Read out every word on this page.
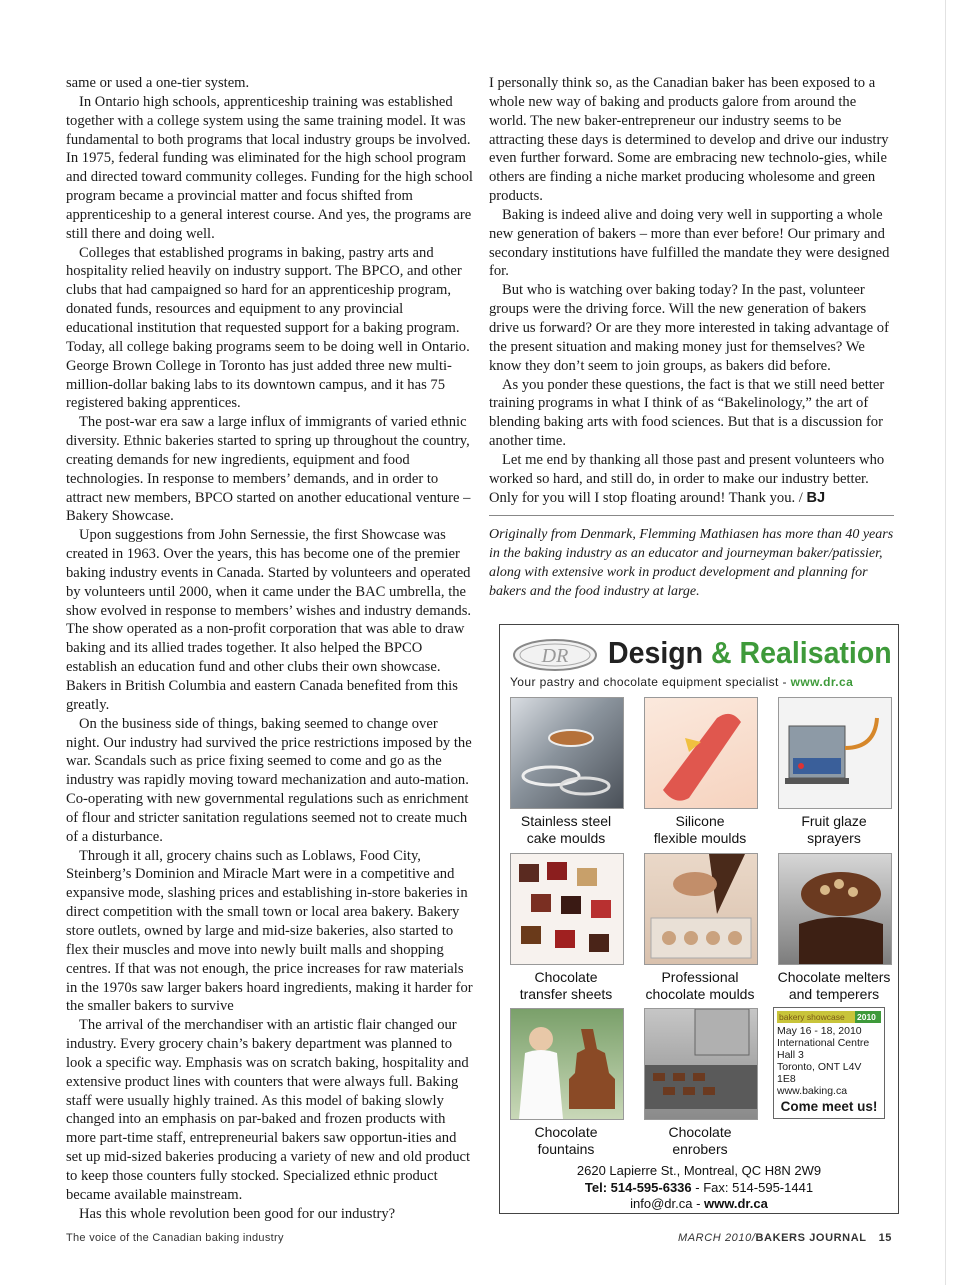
same or used a one-tier system.

In Ontario high schools, apprenticeship training was established together with a college system using the same training model. It was fundamental to both programs that local industry groups be involved. In 1975, federal funding was eliminated for the high school program and directed toward community colleges. Funding for the high school program became a provincial matter and focus shifted from apprenticeship to a general interest course. And yes, the programs are still there and doing well.

Colleges that established programs in baking, pastry arts and hospitality relied heavily on industry support. The BPCO, and other clubs that had campaigned so hard for an apprenticeship program, donated funds, resources and equipment to any provincial educational institution that requested support for a baking program. Today, all college baking programs seem to be doing well in Ontario. George Brown College in Toronto has just added three new multi-million-dollar baking labs to its downtown campus, and it has 75 registered baking apprentices.

The post-war era saw a large influx of immigrants of varied ethnic diversity. Ethnic bakeries started to spring up throughout the country, creating demands for new ingredients, equipment and food technologies. In response to members’ demands, and in order to attract new members, BPCO started on another educational venture – Bakery Showcase.

Upon suggestions from John Sernessie, the first Showcase was created in 1963. Over the years, this has become one of the premier baking industry events in Canada. Started by volunteers and operated by volunteers until 2000, when it came under the BAC umbrella, the show evolved in response to members’ wishes and industry demands. The show operated as a non-profit corporation that was able to draw baking and its allied trades together. It also helped the BPCO establish an education fund and other clubs their own showcase. Bakers in British Columbia and eastern Canada benefited from this greatly.

On the business side of things, baking seemed to change over night. Our industry had survived the price restrictions imposed by the war. Scandals such as price fixing seemed to come and go as the industry was rapidly moving toward mechanization and auto-mation. Co-operating with new governmental regulations such as enrichment of flour and stricter sanitation regulations seemed not to create much of a disturbance.

Through it all, grocery chains such as Loblaws, Food City, Steinberg’s Dominion and Miracle Mart were in a competitive and expansive mode, slashing prices and establishing in-store bakeries in direct competition with the small town or local area bakery. Bakery store outlets, owned by large and mid-size bakeries, also started to flex their muscles and move into newly built malls and shopping centres. If that was not enough, the price increases for raw materials in the 1970s saw larger bakers hoard ingredients, making it harder for the smaller bakers to survive

The arrival of the merchandiser with an artistic flair changed our industry. Every grocery chain’s bakery department was planned to look a specific way. Emphasis was on scratch baking, hospitality and extensive product lines with counters that were always full. Baking staff were usually highly trained. As this model of baking slowly changed into an emphasis on par-baked and frozen products with more part-time staff, entrepreneurial bakers saw opportun-ities and set up mid-sized bakeries producing a variety of new and old product to keep those counters fully stocked. Specialized ethnic product became available mainstream.

Has this whole revolution been good for our industry?

I personally think so, as the Canadian baker has been exposed to a whole new way of baking and products galore from around the world. The new baker-entrepreneur our industry seems to be attracting these days is determined to develop and drive our industry even further forward. Some are embracing new technolo-gies, while others are finding a niche market producing wholesome and green products.

Baking is indeed alive and doing very well in supporting a whole new generation of bakers – more than ever before! Our primary and secondary institutions have fulfilled the mandate they were designed for.

But who is watching over baking today? In the past, volunteer groups were the driving force. Will the new generation of bakers drive us forward? Or are they more interested in taking advantage of the present situation and making money just for themselves? We know they don’t seem to join groups, as bakers did before.

As you ponder these questions, the fact is that we still need better training programs in what I think of as “Bakelinology,” the art of blending baking arts with food sciences. But that is a discussion for another time.

Let me end by thanking all those past and present volunteers who worked so hard, and still do, in order to make our industry better. Only for you will I stop floating around! Thank you. / BJ

Originally from Denmark, Flemming Mathiasen has more than 40 years in the baking industry as an educator and journeyman baker/patissier, along with extensive work in product development and planning for bakers and the food industry at large.
DR Design & Realisation
Your pastry and chocolate equipment specialist - www.dr.ca
Stainless steel
cake moulds
Silicone
flexible moulds
Fruit glaze
sprayers
Chocolate
transfer sheets
Professional
chocolate moulds
Chocolate melters
and temperers
Chocolate
fountains
Chocolate
enrobers
bakery showcase	2010
May 16 - 18, 2010
International Centre
Hall 3
Toronto, ONT L4V 1E8
www.baking.ca
Come meet us!
2620 Lapierre St., Montreal, QC H8N 2W9
Tel: 514-595-6336 - Fax: 514-595-1441
info@dr.ca - www.dr.ca
The voice of the Canadian baking industry	MARCH 2010/BAKERS JOURNAL 15
